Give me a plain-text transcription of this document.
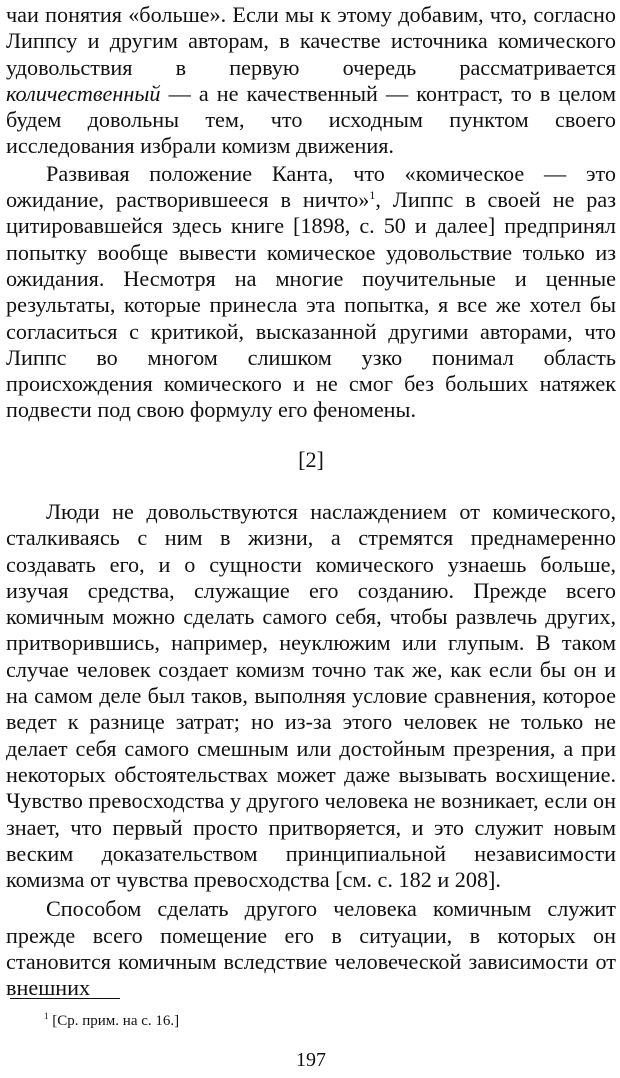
чаи понятия «больше». Если мы к этому добавим, что, согласно Липпсу и другим авторам, в качестве источника комического удовольствия в первую очередь рассматривается количественный — а не качественный — контраст, то в целом будем довольны тем, что исходным пунктом своего исследования избрали комизм движения.

Развивая положение Канта, что «комическое — это ожидание, растворившееся в ничто»$^1$, Липпс в своей не раз цитировавшейся здесь книге [1898, с. 50 и далее] предпринял попытку вообще вывести комическое удовольствие только из ожидания. Несмотря на многие поучительные и ценные результаты, которые принесла эта попытка, я все же хотел бы согласиться с критикой, высказанной другими авторами, что Липпс во многом слишком узко понимал область происхождения комического и не смог без больших натяжек подвести под свою формулу его феномены.

[2]

Люди не довольствуются наслаждением от комического, сталкиваясь с ним в жизни, а стремятся преднамеренно создавать его, и о сущности комического узнаешь больше, изучая средства, служащие его созданию. Прежде всего комичным можно сделать самого себя, чтобы развлечь других, притворившись, например, неуклюжим или глупым. В таком случае человек создает комизм точно так же, как если бы он и на самом деле был таков, выполняя условие сравнения, которое ведет к разнице затрат; но из-за этого человек не только не делает себя самого смешным или достойным презрения, а при некоторых обстоятельствах может даже вызывать восхищение. Чувство превосходства у другого человека не возникает, если он знает, что первый просто притворяется, и это служит новым веским доказательством принципиальной независимости комизма от чувства превосходства [см. с. 182 и 208].

Способом сделать другого человека комичным служит прежде всего помещение его в ситуации, в которых он становится комичным вследствие человеческой зависимости от внешних

$^1$ [Ср. прим. на с. 16.]
197
